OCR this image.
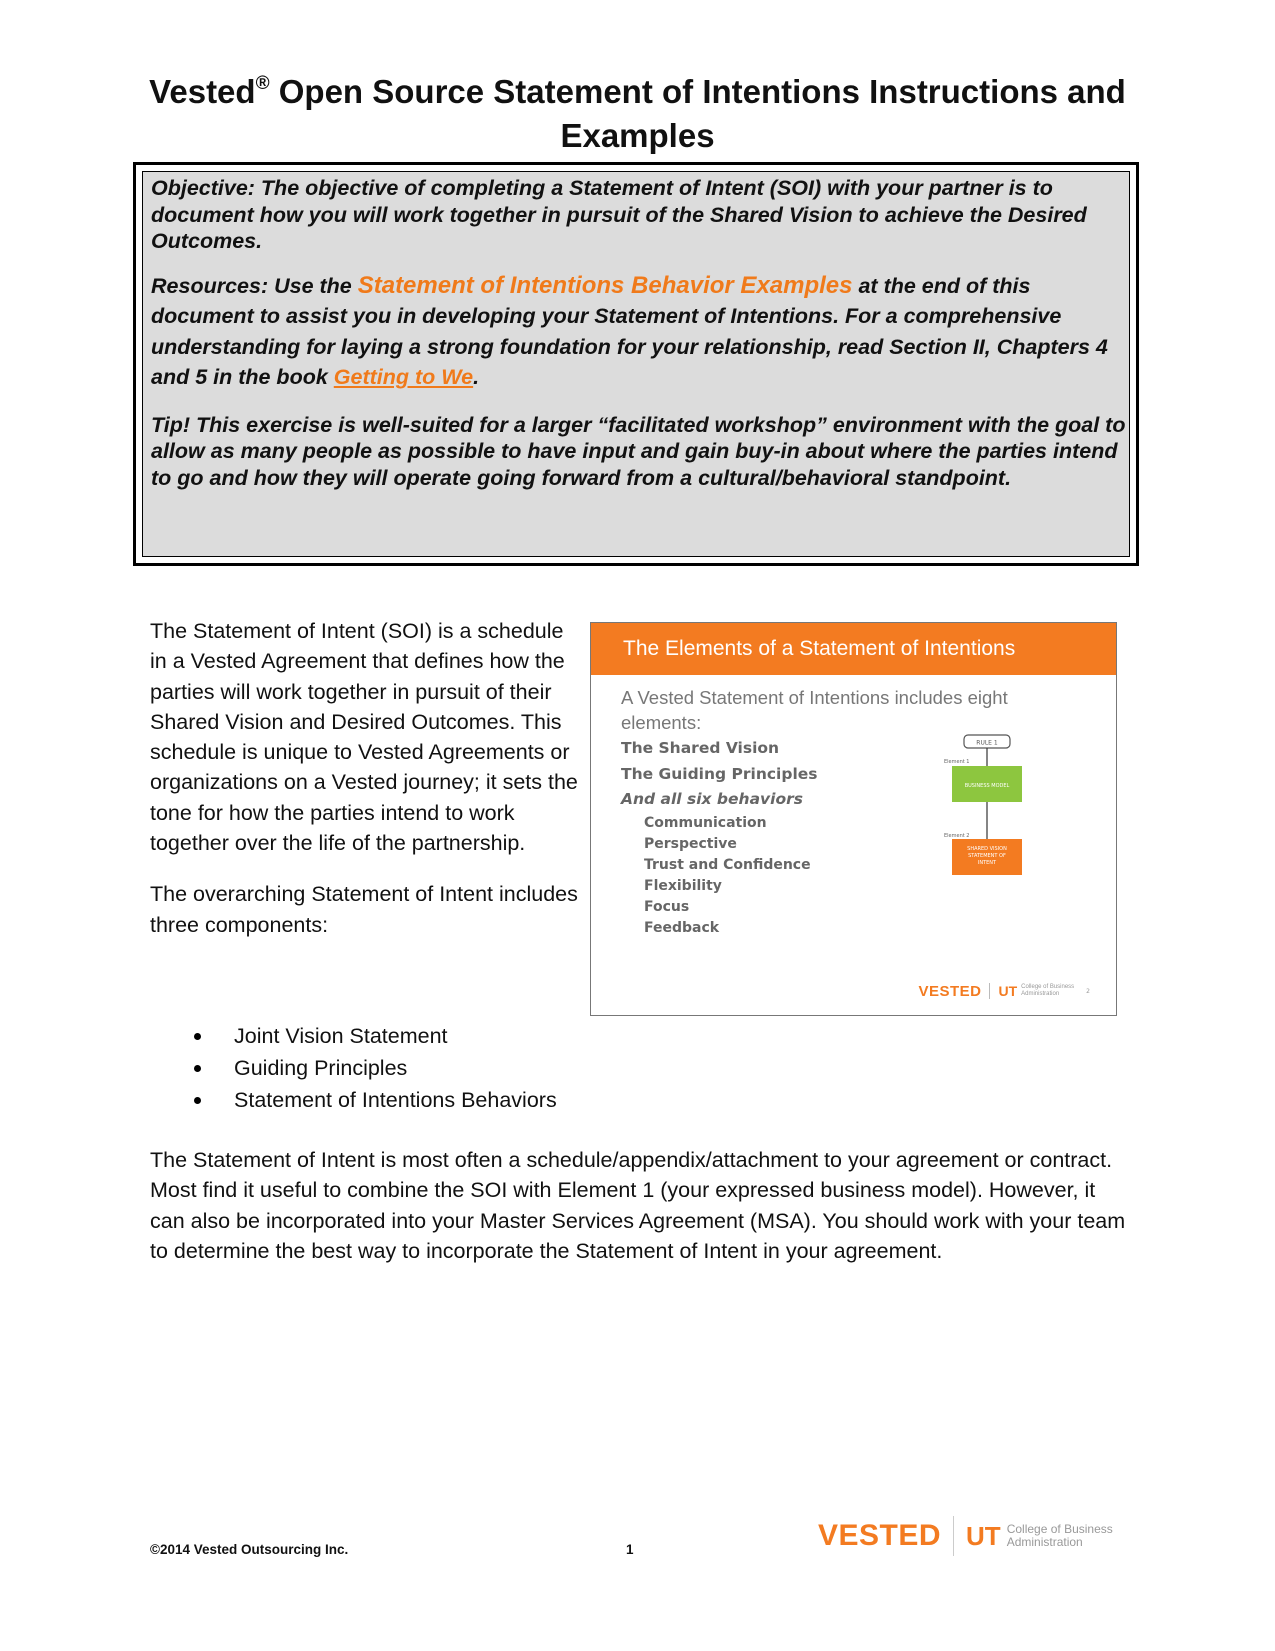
Vested® Open Source Statement of Intentions Instructions and Examples

Objective: The objective of completing a Statement of Intent (SOI) with your partner is to document how you will work together in pursuit of the Shared Vision to achieve the Desired Outcomes.

Resources: Use the Statement of Intentions Behavior Examples at the end of this document to assist you in developing your Statement of Intentions. For a comprehensive understanding for laying a strong foundation for your relationship, read Section II, Chapters 4 and 5 in the book Getting to We.

Tip! This exercise is well-suited for a larger “facilitated workshop” environment with the goal to allow as many people as possible to have input and gain buy-in about where the parties intend to go and how they will operate going forward from a cultural/behavioral standpoint.

The Statement of Intent (SOI) is a schedule in a Vested Agreement that defines how the parties will work together in pursuit of their Shared Vision and Desired Outcomes. This schedule is unique to Vested Agreements or organizations on a Vested journey; it sets the tone for how the parties intend to work together over the life of the partnership.

The overarching Statement of Intent includes three components:

Joint Vision Statement
Guiding Principles
Statement of Intentions Behaviors

The Statement of Intent is most often a schedule/appendix/attachment to your agreement or contract. Most find it useful to combine the SOI with Element 1 (your expressed business model). However, it can also be incorporated into your Master Services Agreement (MSA). You should work with your team to determine the best way to incorporate the Statement of Intent in your agreement.

The Elements of a Statement of Intentions
A Vested Statement of Intentions includes eight elements:
The Shared Vision
The Guiding Principles
And all six behaviors
Communication
Perspective
Trust and Confidence
Flexibility
Focus
Feedback
RULE 1
Element 1
BUSINESS MODEL
Element 2
SHARED VISION
STATEMENT OF
INTENT
VESTED UT College of Business
Administration	2
VESTED UT College of Business
Administration
©2014 Vested Outsourcing Inc.	1
